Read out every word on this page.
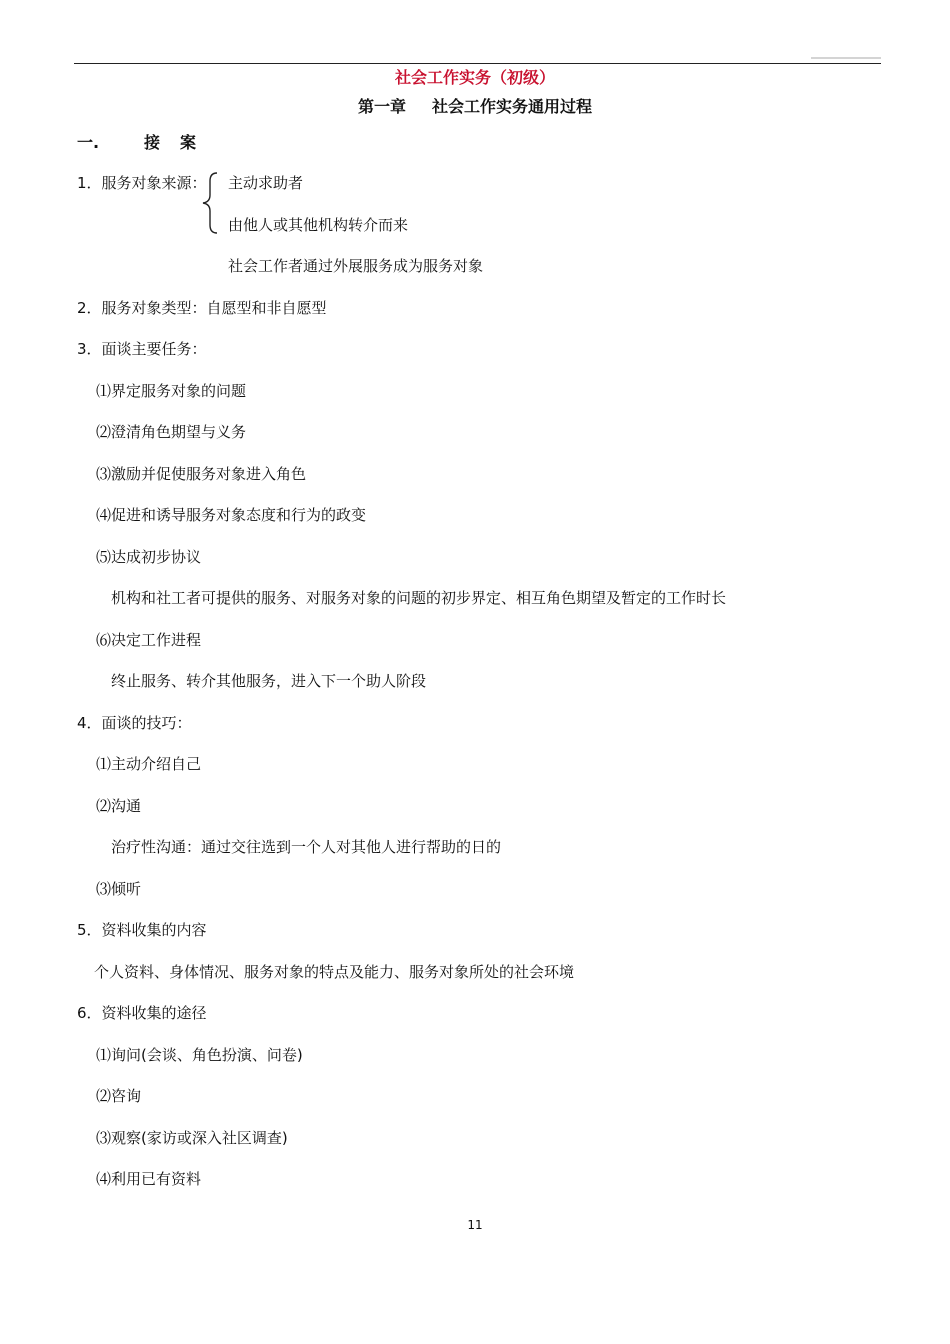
社会工作实务（初级）
第一章 社会工作实务通用过程
一.	接案
1．服务对象来源： 主动求助者
由他人或其他机构转介而来
社会工作者通过外展服务成为服务对象
2．服务对象类型：自愿型和非自愿型
3．面谈主要任务：
⑴界定服务对象的问题
⑵澄清角色期望与义务
⑶激励并促使服务对象进入角色
⑷促进和诱导服务对象态度和行为的政变
⑸达成初步协议
机构和社工者可提供的服务、对服务对象的问题的初步界定、相互角色期望及暂定的工作时长
⑹决定工作进程
终止服务、转介其他服务，进入下一个助人阶段
4．面谈的技巧：
⑴主动介绍自己
⑵沟通
治疗性沟通：通过交往选到一个人对其他人进行帮助的日的
⑶倾听
5．资料收集的内容
个人资料、身体情况、服务对象的特点及能力、服务对象所处的社会环境
6．资料收集的途径
⑴询问(会谈、角色扮演、问卷)
⑵咨询
⑶观察(家访或深入社区调查)
⑷利用已有资料
11
